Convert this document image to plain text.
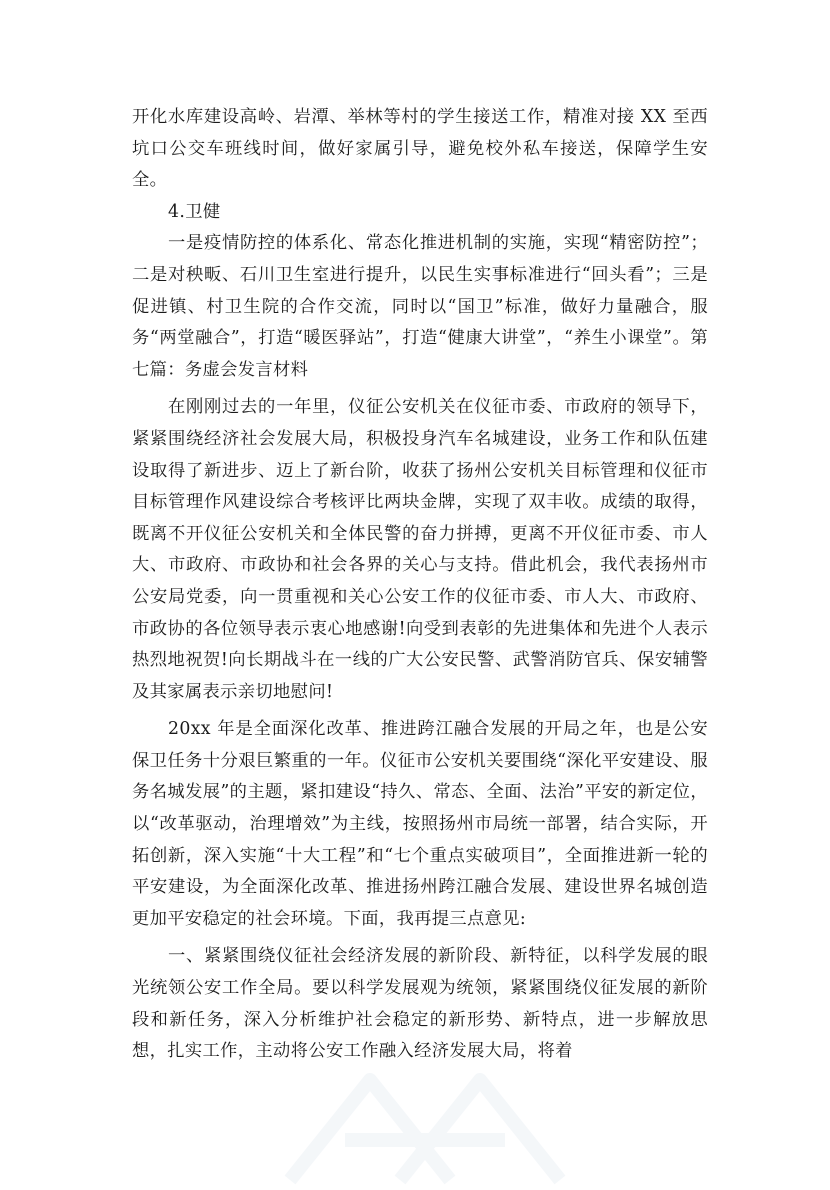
开化水库建设高岭、岩潭、举林等村的学生接送工作，精准对接 XX 至西坑口公交车班线时间，做好家属引导，避免校外私车接送，保障学生安全。

4.卫健

一是疫情防控的体系化、常态化推进机制的实施，实现“精密防控”；二是对秧畈、石川卫生室进行提升，以民生实事标准进行“回头看”；三是促进镇、村卫生院的合作交流，同时以“国卫”标准，做好力量融合，服务“两堂融合”，打造“暖医驿站”，打造“健康大讲堂”，“养生小课堂”。第七篇：务虚会发言材料

在刚刚过去的一年里，仪征公安机关在仪征市委、市政府的领导下，紧紧围绕经济社会发展大局，积极投身汽车名城建设，业务工作和队伍建设取得了新进步、迈上了新台阶，收获了扬州公安机关目标管理和仪征市目标管理作风建设综合考核评比两块金牌，实现了双丰收。成绩的取得，既离不开仪征公安机关和全体民警的奋力拼搏，更离不开仪征市委、市人大、市政府、市政协和社会各界的关心与支持。借此机会，我代表扬州市公安局党委，向一贯重视和关心公安工作的仪征市委、市人大、市政府、市政协的各位领导表示衷心地感谢!向受到表彰的先进集体和先进个人表示热烈地祝贺!向长期战斗在一线的广大公安民警、武警消防官兵、保安辅警及其家属表示亲切地慰问!

20xx 年是全面深化改革、推进跨江融合发展的开局之年，也是公安保卫任务十分艰巨繁重的一年。仪征市公安机关要围绕“深化平安建设、服务名城发展”的主题，紧扣建设“持久、常态、全面、法治”平安的新定位，以“改革驱动，治理增效”为主线，按照扬州市局统一部署，结合实际，开拓创新，深入实施“十大工程”和“七个重点实破项目”，全面推进新一轮的平安建设，为全面深化改革、推进扬州跨江融合发展、建设世界名城创造更加平安稳定的社会环境。下面，我再提三点意见:

一、紧紧围绕仪征社会经济发展的新阶段、新特征，以科学发展的眼光统领公安工作全局。要以科学发展观为统领，紧紧围绕仪征发展的新阶段和新任务，深入分析维护社会稳定的新形势、新特点，进一步解放思想，扎实工作，主动将公安工作融入经济发展大局，将着
